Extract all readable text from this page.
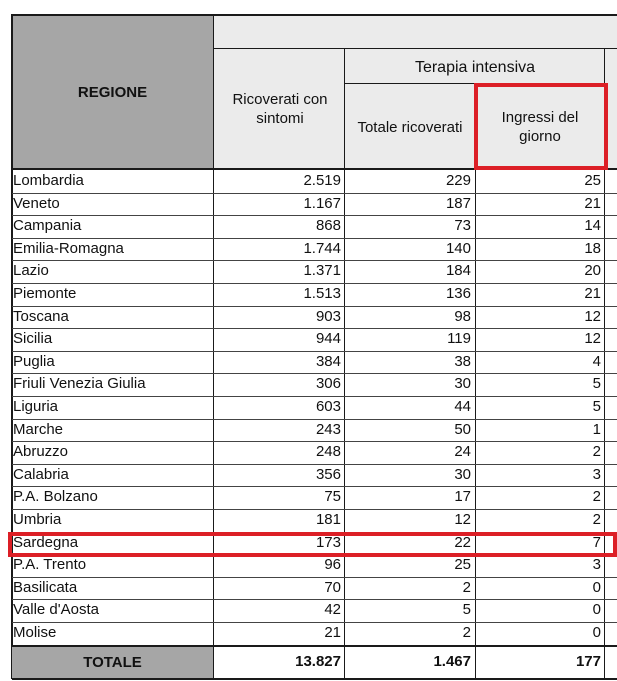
REGIONE	Ricoverati con sintomi
Terapia intensiva
Totale ricoverati
Ingressi del giorno
Lombardia	2.519	229	25
Veneto	1.167	187	21
Campania	868	73	14
Emilia-Romagna	1.744	140	18
Lazio	1.371	184	20
Piemonte	1.513	136	21
Toscana	903	98	12
Sicilia	944	119	12
Puglia	384	38	4
Friuli Venezia Giulia	306	30	5
Liguria	603	44	5
Marche	243	50	1
Abruzzo	248	24	2
Calabria	356	30	3
P.A. Bolzano	75	17	2
Umbria	181	12	2
Sardegna	173	22	7
P.A. Trento	96	25	3
Basilicata	70	2	0
Valle d'Aosta	42	5	0
Molise	21	2	0
TOTALE	13.827	1.467	177
